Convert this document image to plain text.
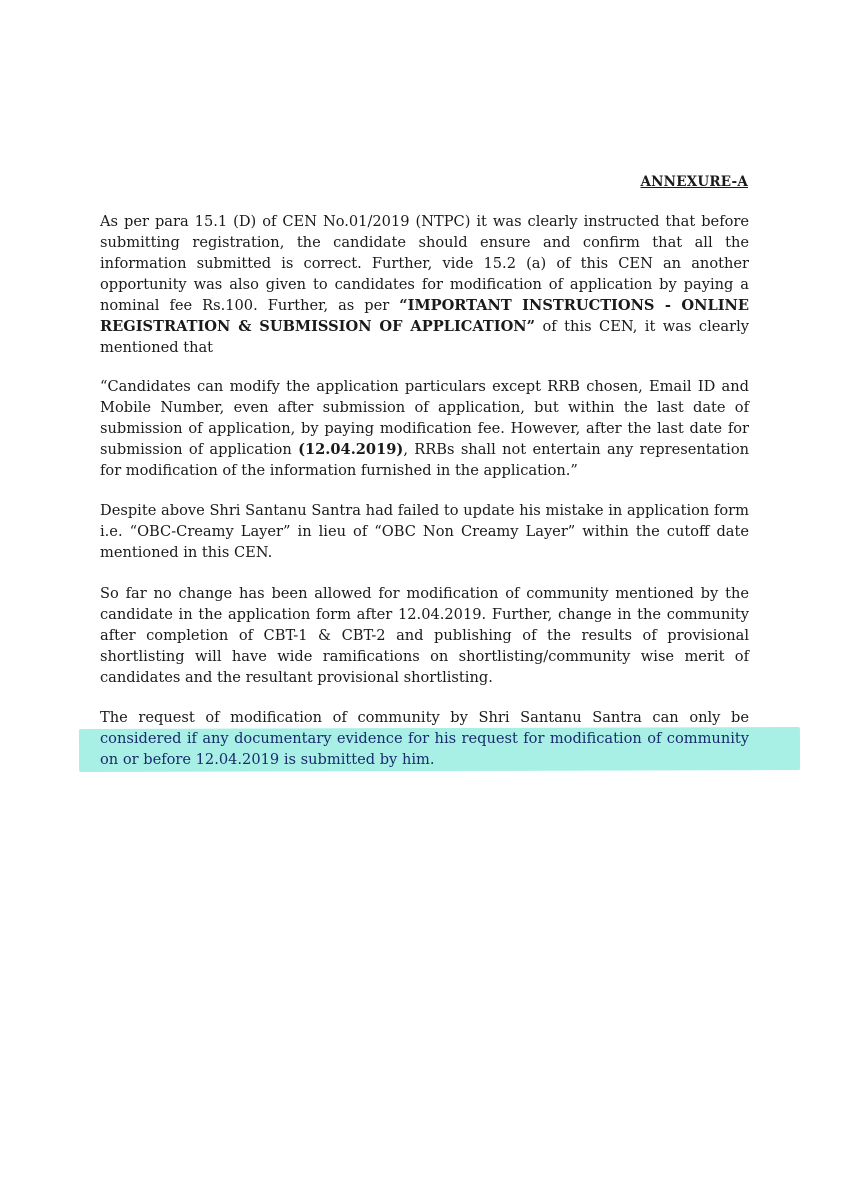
ANNEXURE-A

As per para 15.1 (D) of CEN No.01/2019 (NTPC) it was clearly instructed that before submitting registration, the candidate should ensure and confirm that all the information submitted is correct. Further, vide 15.2 (a) of this CEN an another opportunity was also given to candidates for modification of application by paying a nominal fee Rs.100. Further, as per “IMPORTANT INSTRUCTIONS - ONLINE REGISTRATION & SUBMISSION OF APPLICATION” of this CEN, it was clearly mentioned that

“Candidates can modify the application particulars except RRB chosen, Email ID and Mobile Number, even after submission of application, but within the last date of submission of application, by paying modification fee. However, after the last date for submission of application (12.04.2019), RRBs shall not entertain any representation for modification of the information furnished in the application.”

Despite above Shri Santanu Santra had failed to update his mistake in application form i.e. “OBC-Creamy Layer” in lieu of “OBC Non Creamy Layer” within the cutoff date mentioned in this CEN.

So far no change has been allowed for modification of community mentioned by the candidate in the application form after 12.04.2019. Further, change in the community after completion of CBT-1 & CBT-2 and publishing of the results of provisional shortlisting will have wide ramifications on shortlisting/community wise merit of candidates and the resultant provisional shortlisting.

The request of modification of community by Shri Santanu Santra can only be considered if any documentary evidence for his request for modification of community on or before 12.04.2019 is submitted by him.
